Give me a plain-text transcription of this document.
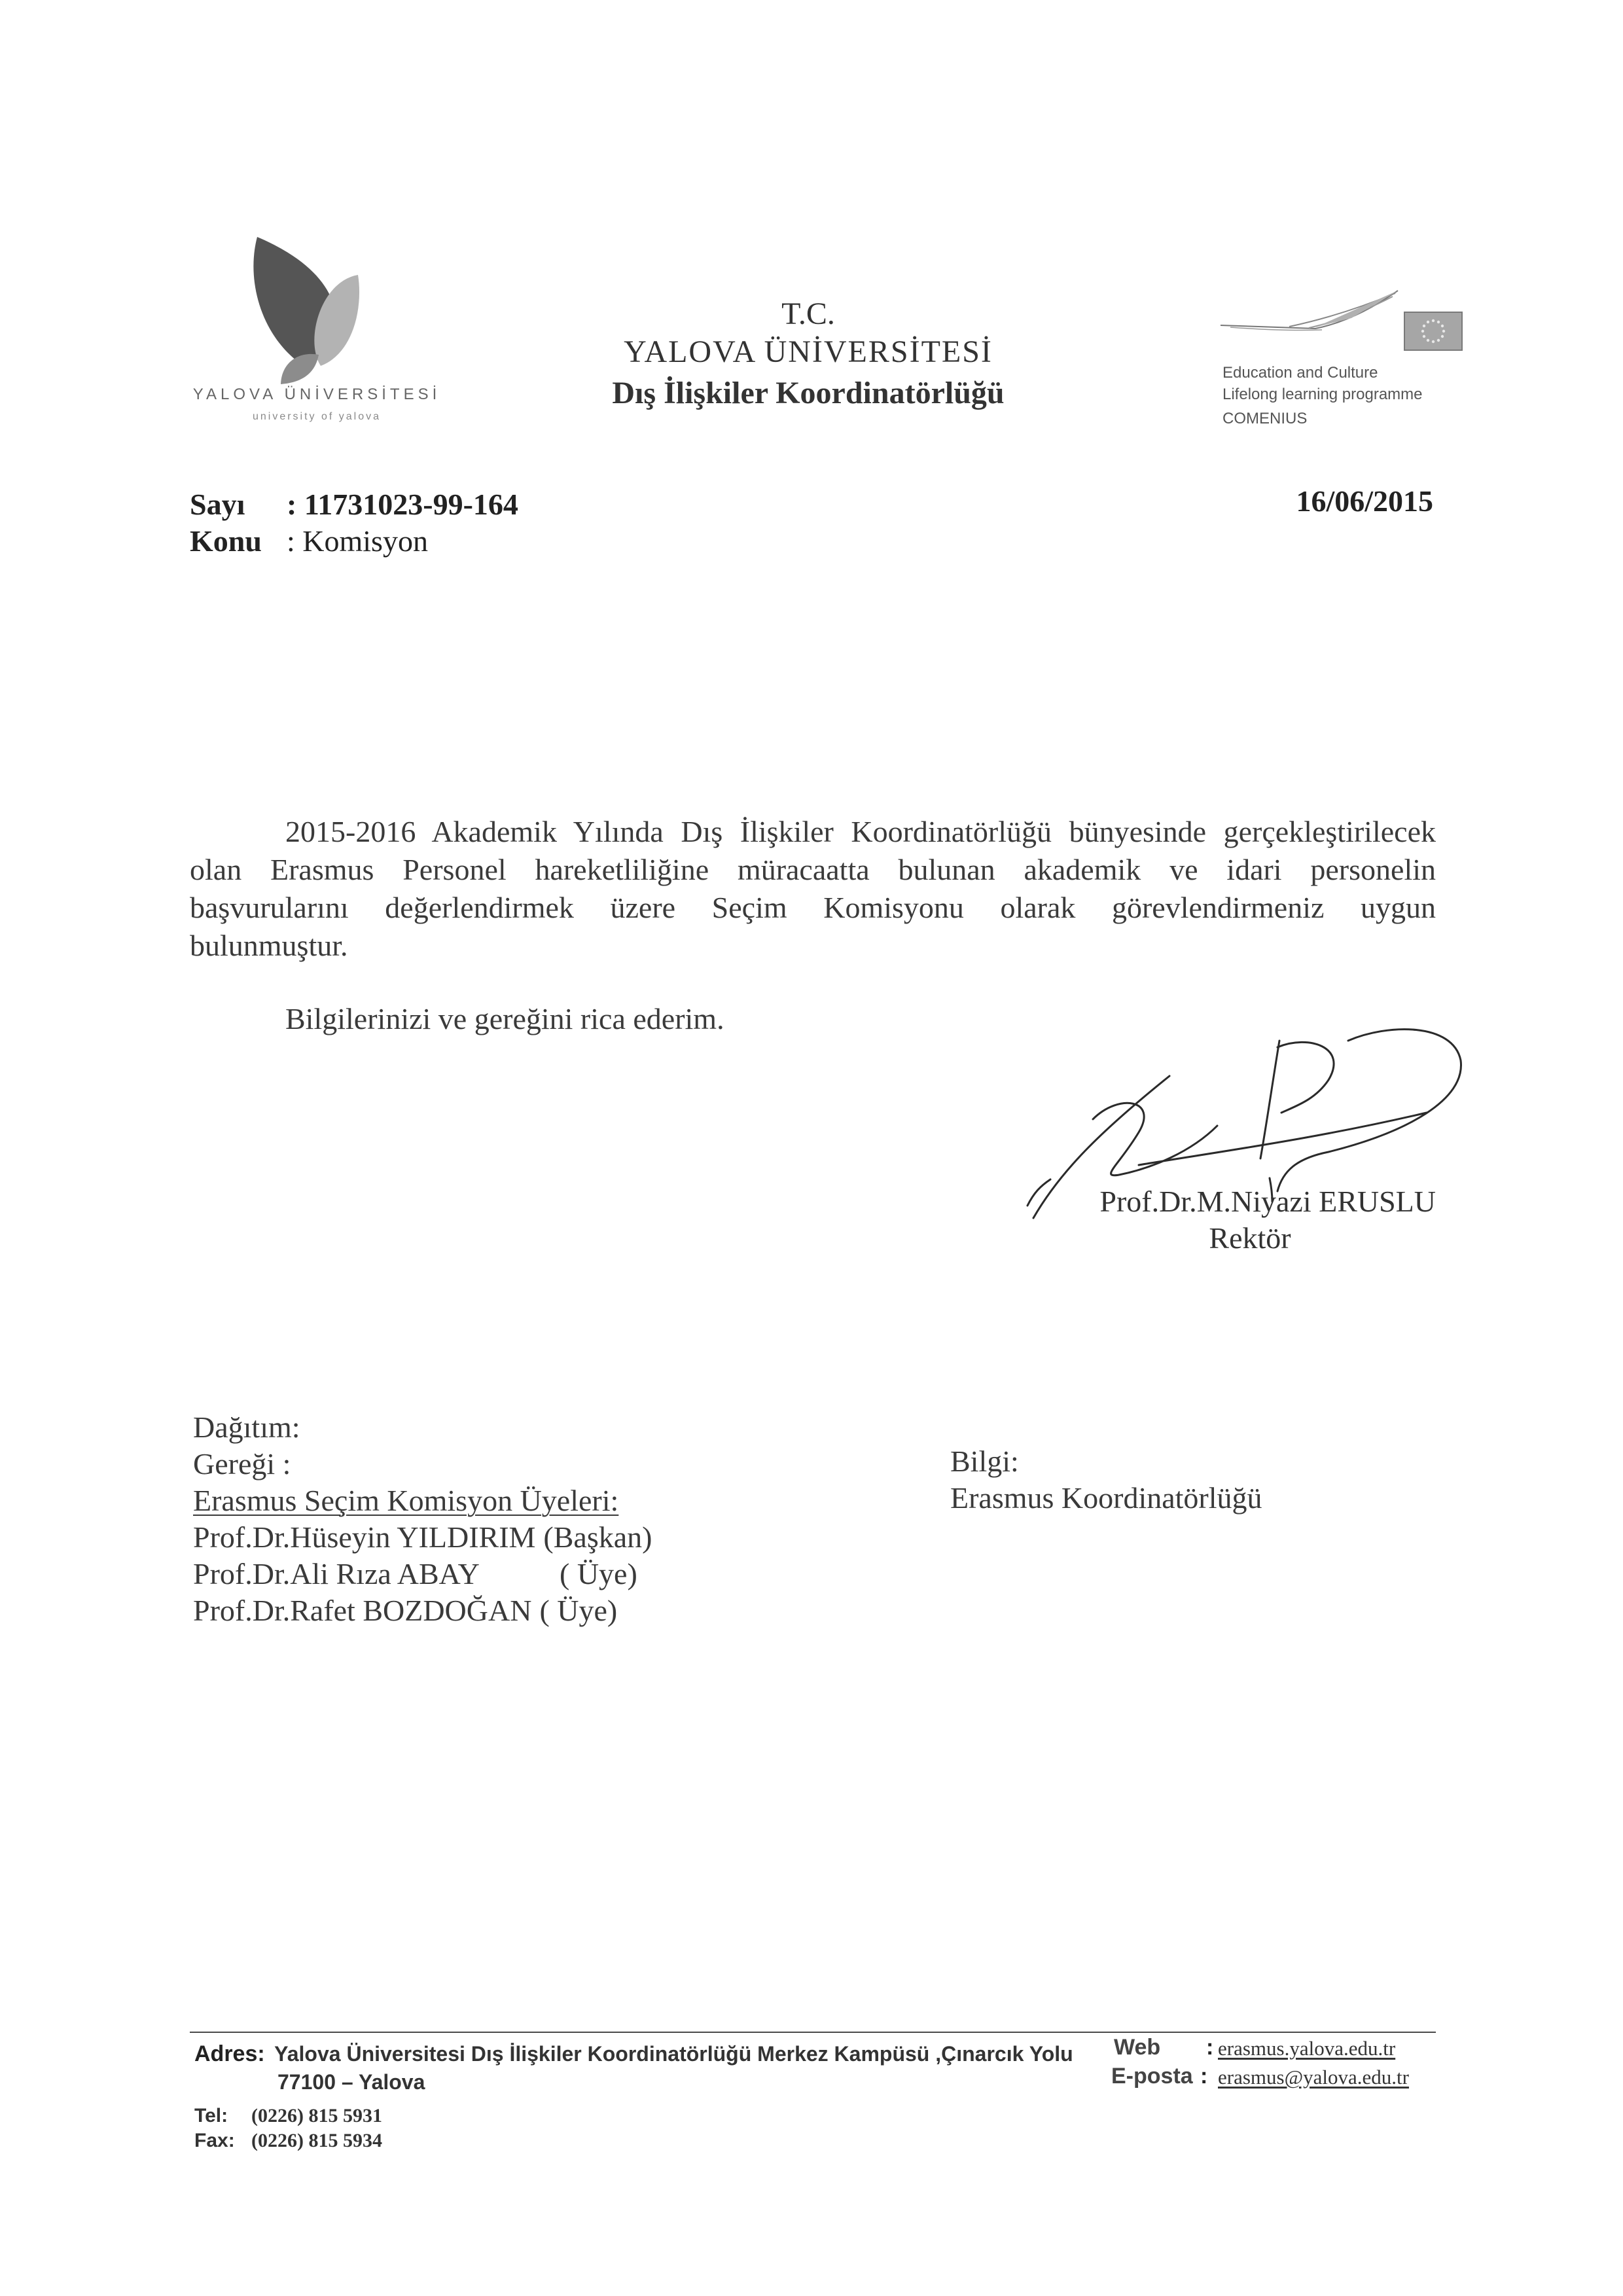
YALOVA ÜNİVERSİTESİ
university of yalova
T.C.
YALOVA ÜNİVERSİTESİ
Dış İlişkiler Koordinatörlüğü
Education and Culture
Lifelong learning programme
COMENIUS
Sayı : 11731023-99-164
Konu : Komisyon
16/06/2015
2015-2016 Akademik Yılında Dış İlişkiler Koordinatörlüğü bünyesinde gerçekleştirilecek
olan Erasmus Personel hareketliliğine müracaatta bulunan akademik ve idari personelin
başvurularını değerlendirmek üzere Seçim Komisyonu olarak görevlendirmeniz uygun
bulunmuştur.
Bilgilerinizi ve gereğini rica ederim.
Prof.Dr.M.Niyazi ERUSLU
Rektör
Dağıtım:
Gereği :
Erasmus Seçim Komisyon Üyeleri:
Prof.Dr.Hüseyin YILDIRIM (Başkan)
Prof.Dr.Ali Rıza ABAY	( Üye)
Prof.Dr.Rafet BOZDOĞAN ( Üye)
Bilgi:
Erasmus Koordinatörlüğü
Adres: Yalova Üniversitesi Dış İlişkiler Koordinatörlüğü Merkez Kampüsü ,Çınarcık Yolu
77100 – Yalova
Web : erasmus.yalova.edu.tr
E-posta : erasmus@yalova.edu.tr
Tel: (0226) 815 5931
Fax: (0226) 815 5934
